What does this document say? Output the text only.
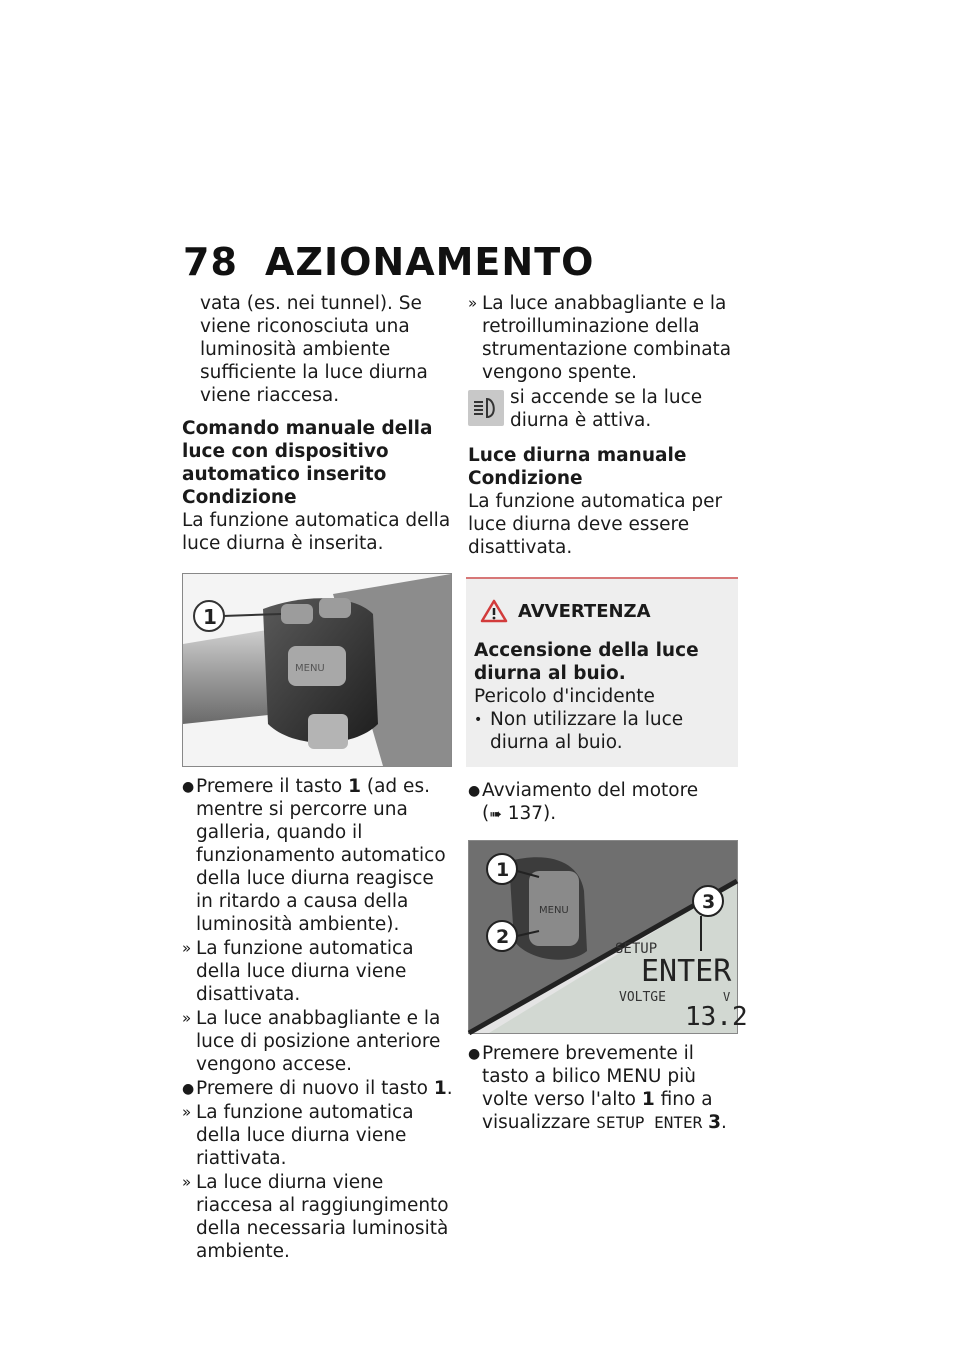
78 AZIONAMENTO

vata (es. nei tunnel). Se viene riconosciuta una luminosità ambiente sufficiente la luce diurna viene riaccesa.

Comando manuale della luce con dispositivo automatico inserito

Condizione

La funzione automatica della luce diurna è inserita.

MENU
1
● Premere il tasto 1 (ad es. mentre si percorre una galleria, quando il funzionamento automatico della luce diurna reagisce in ritardo a causa della luminosità ambiente).
» La funzione automatica della luce diurna viene disattivata.
» La luce anabbagliante e la luce di posizione anteriore vengono accese.
● Premere di nuovo il tasto 1.
» La funzione automatica della luce diurna viene riattivata.
» La luce diurna viene riaccesa al raggiungimento della necessaria luminosità ambiente.
» La luce anabbagliante e la retroilluminazione della strumentazione combinata vengono spente.
si accende se la luce diurna è attiva.

Luce diurna manuale

Condizione

La funzione automatica per luce diurna deve essere disattivata.

AVVERTENZA

Accensione della luce diurna al buio.

Pericolo d'incidente

• Non utilizzare la luce diurna al buio.
● Avviamento del motore
(➠ 137).
MENU
SETUP
ENTER
VOLTGE	V
13.2
1
2
3
● Premere brevemente il tasto a bilico MENU più volte verso l'alto 1 fino a visualizzare SETUP ENTER 3.
